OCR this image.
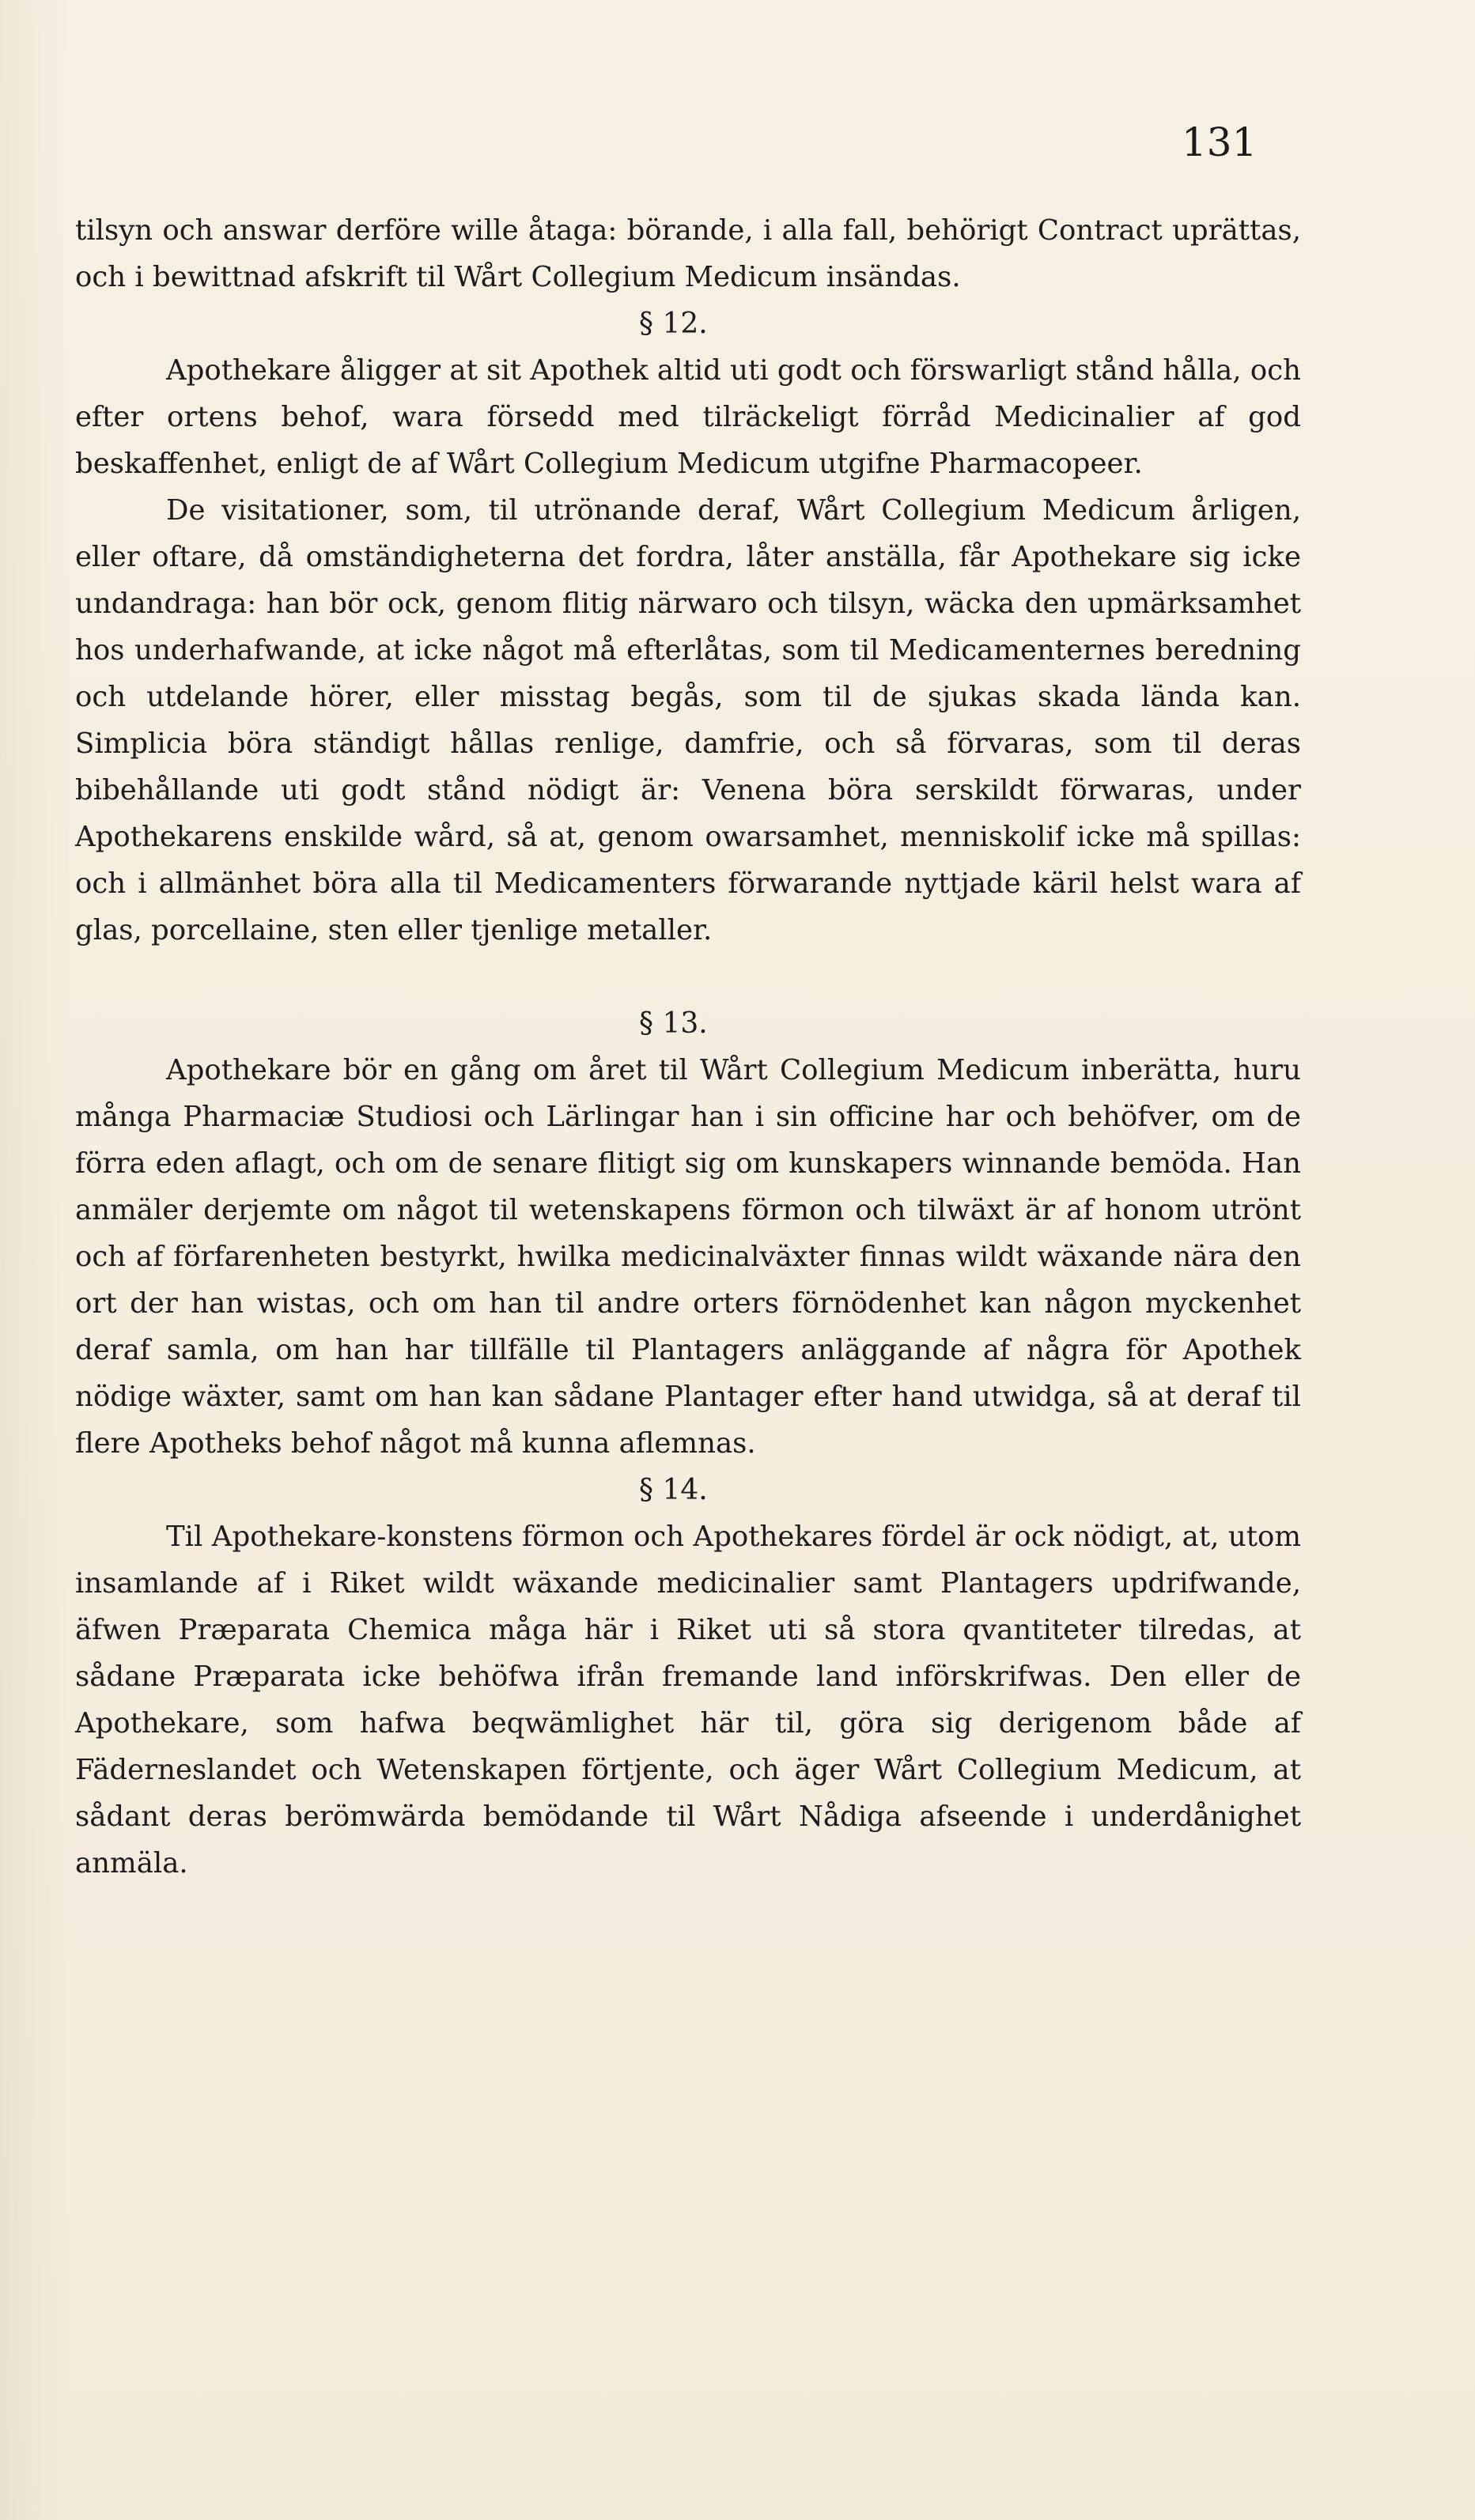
131

tilsyn och answar derföre wille åtaga: börande, i alla fall, behörigt Contract uprättas, och i bewittnad afskrift til Wårt Collegium Medicum insändas.

§ 12.

Apothekare åligger at sit Apothek altid uti godt och förswarligt stånd hålla, och efter ortens behof, wara försedd med tilräckeligt förråd Medicinalier af god beskaffenhet, enligt de af Wårt Collegium Medicum utgifne Pharmacopeer.

De visitationer, som, til utrönande deraf, Wårt Collegium Medicum årligen, eller oftare, då omständigheterna det fordra, låter anställa, får Apothekare sig icke undandraga: han bör ock, genom flitig närwaro och tilsyn, wäcka den upmärksamhet hos underhafwande, at icke något må efterlåtas, som til Medicamenternes beredning och utdelande hörer, eller misstag begås, som til de sjukas skada lända kan. Simplicia böra ständigt hållas renlige, damfrie, och så förvaras, som til deras bibehållande uti godt stånd nödigt är: Venena böra serskildt förwaras, under Apothekarens enskilde wård, så at, genom owarsamhet, menniskolif icke må spillas: och i allmänhet böra alla til Medicamenters förwarande nyttjade käril helst wara af glas, porcellaine, sten eller tjenlige metaller.

§ 13.

Apothekare bör en gång om året til Wårt Collegium Medicum inberätta, huru många Pharmaciæ Studiosi och Lärlingar han i sin officine har och behöfver, om de förra eden aflagt, och om de senare flitigt sig om kunskapers winnande bemöda. Han anmäler derjemte om något til wetenskapens förmon och tilwäxt är af honom utrönt och af förfarenheten bestyrkt, hwilka medicinalväxter finnas wildt wäxande nära den ort der han wistas, och om han til andre orters förnödenhet kan någon myckenhet deraf samla, om han har tillfälle til Plantagers anläggande af några för Apothek nödige wäxter, samt om han kan sådane Plantager efter hand utwidga, så at deraf til flere Apotheks behof något må kunna aflemnas.

§ 14.

Til Apothekare-konstens förmon och Apothekares fördel är ock nödigt, at, utom insamlande af i Riket wildt wäxande medicinalier samt Plantagers updrifwande, äfwen Præparata Chemica måga här i Riket uti så stora qvantiteter tilredas, at sådane Præparata icke behöfwa ifrån fremande land införskrifwas. Den eller de Apothekare, som hafwa beqwämlighet här til, göra sig derigenom både af Fäderneslandet och Wetenskapen förtjente, och äger Wårt Collegium Medicum, at sådant deras berömwärda bemödande til Wårt Nådiga afseende i underdånighet anmäla.
